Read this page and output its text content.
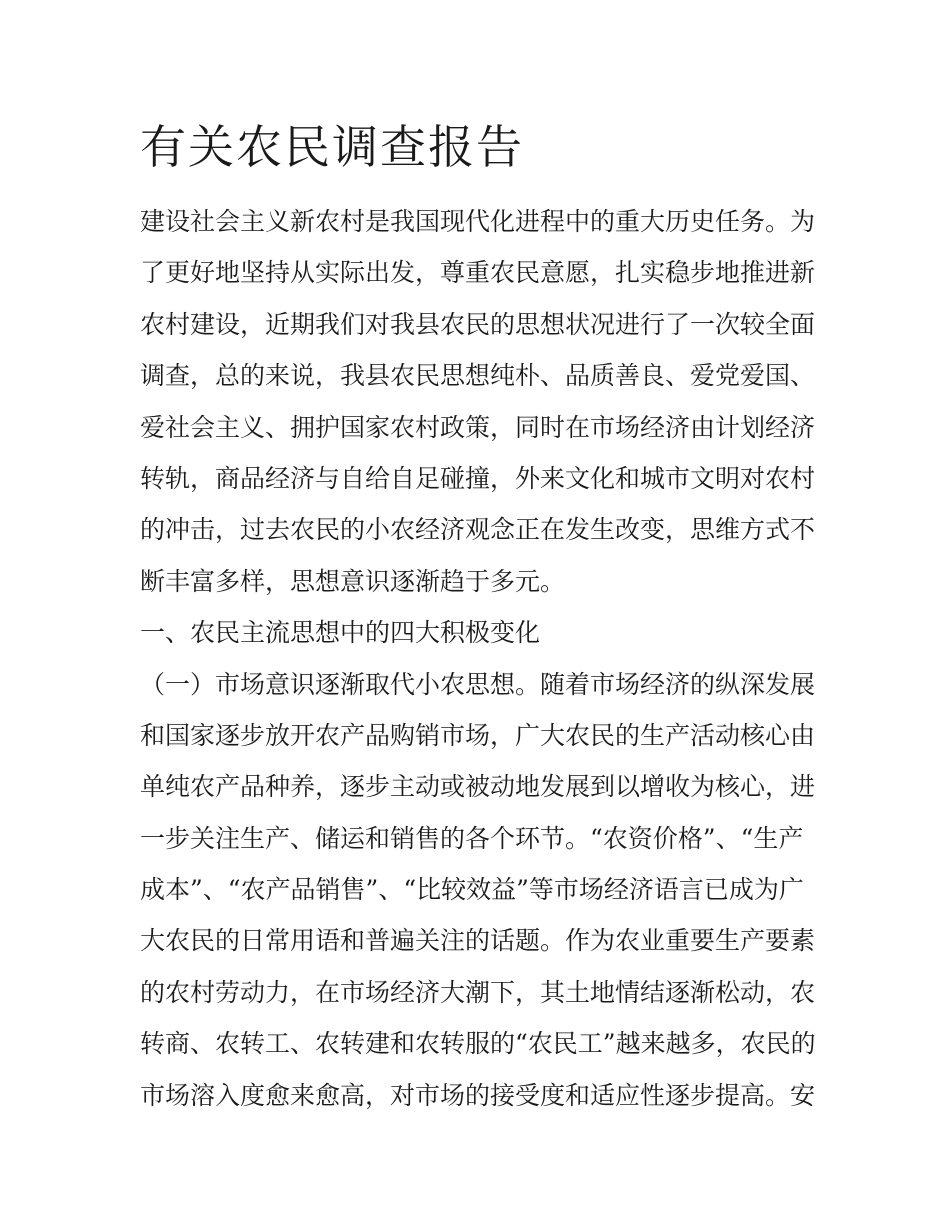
有关农民调查报告

建设社会主义新农村是我国现代化进程中的重大历史任务。为

了更好地坚持从实际出发，尊重农民意愿，扎实稳步地推进新

农村建设，近期我们对我县农民的思想状况进行了一次较全面

调查，总的来说，我县农民思想纯朴、品质善良、爱党爱国、

爱社会主义、拥护国家农村政策，同时在市场经济由计划经济

转轨，商品经济与自给自足碰撞，外来文化和城市文明对农村

的冲击，过去农民的小农经济观念正在发生改变，思维方式不

断丰富多样，思想意识逐渐趋于多元。

一、农民主流思想中的四大积极变化

（一）市场意识逐渐取代小农思想。随着市场经济的纵深发展

和国家逐步放开农产品购销市场，广大农民的生产活动核心由

单纯农产品种养，逐步主动或被动地发展到以增收为核心，进

一步关注生产、储运和销售的各个环节。“农资价格”、“生产

成本”、“农产品销售”、“比较效益”等市场经济语言已成为广

大农民的日常用语和普遍关注的话题。作为农业重要生产要素

的农村劳动力，在市场经济大潮下，其土地情结逐渐松动，农

转商、农转工、农转建和农转服的“农民工”越来越多，农民的

市场溶入度愈来愈高，对市场的接受度和适应性逐步提高。安
